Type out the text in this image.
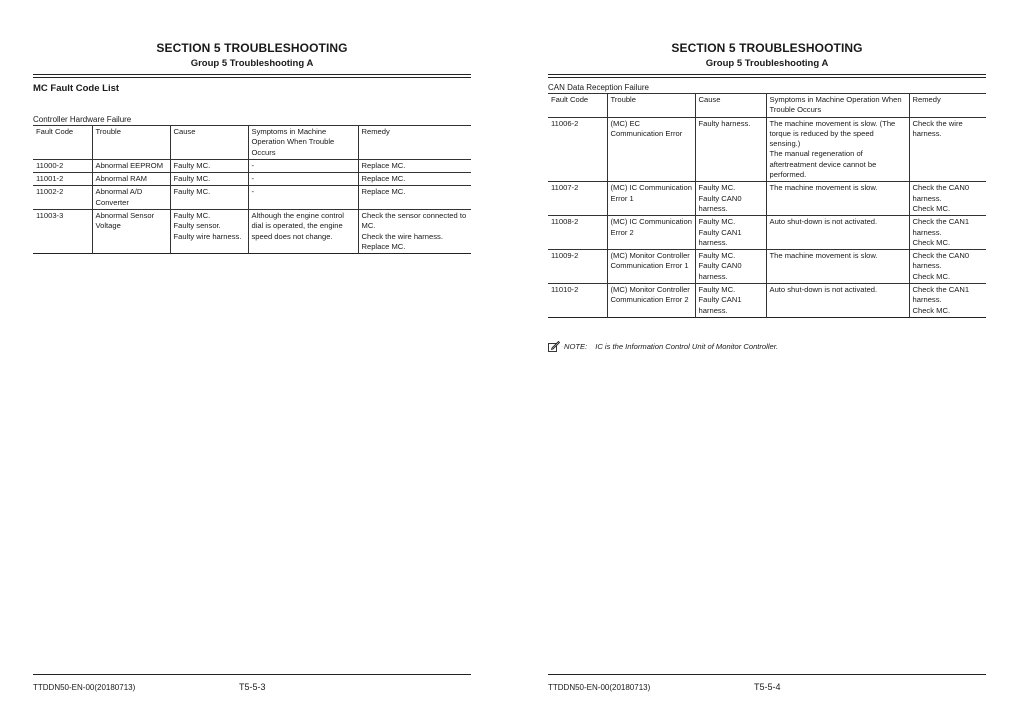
SECTION 5 TROUBLESHOOTING
Group 5 Troubleshooting A
MC Fault Code List
Controller Hardware Failure
Fault Code	Trouble	Cause	Symptoms in Machine Operation When Trouble Occurs	Remedy
11000-2	Abnormal EEPROM	Faulty MC.	-	Replace MC.
11001-2	Abnormal RAM	Faulty MC.	-	Replace MC.
11002-2	Abnormal A/D Converter	Faulty MC.	-	Replace MC.
11003-3	Abnormal Sensor Voltage	Faulty MC.
Faulty sensor.
Faulty wire harness.	Although the engine control dial is operated, the engine speed does not change.	Check the sensor connected to MC.
Check the wire harness.
Replace MC.
TTDDN50-EN-00(20180713)	T5-5-3
SECTION 5 TROUBLESHOOTING
Group 5 Troubleshooting A
CAN Data Reception Failure
Fault Code	Trouble	Cause	Symptoms in Machine Operation When Trouble Occurs	Remedy
11006-2	(MC) EC Communication Error	Faulty harness.	The machine movement is slow. (The torque is reduced by the speed sensing.)
The manual regeneration of aftertreatment device cannot be performed.	Check the wire harness.
11007-2	(MC) IC Communication Error 1	Faulty MC.
Faulty CAN0 harness.	The machine movement is slow.	Check the CAN0 harness.
Check MC.
11008-2	(MC) IC Communication Error 2	Faulty MC.
Faulty CAN1 harness.	Auto shut-down is not activated.	Check the CAN1 harness.
Check MC.
11009-2	(MC) Monitor Controller Communication Error 1	Faulty MC.
Faulty CAN0 harness.	The machine movement is slow.	Check the CAN0 harness.
Check MC.
11010-2	(MC) Monitor Controller Communication Error 2	Faulty MC.
Faulty CAN1 harness.	Auto shut-down is not activated.	Check the CAN1 harness.
Check MC.
NOTE: IC is the Information Control Unit of Monitor Controller.
TTDDN50-EN-00(20180713)	T5-5-4
